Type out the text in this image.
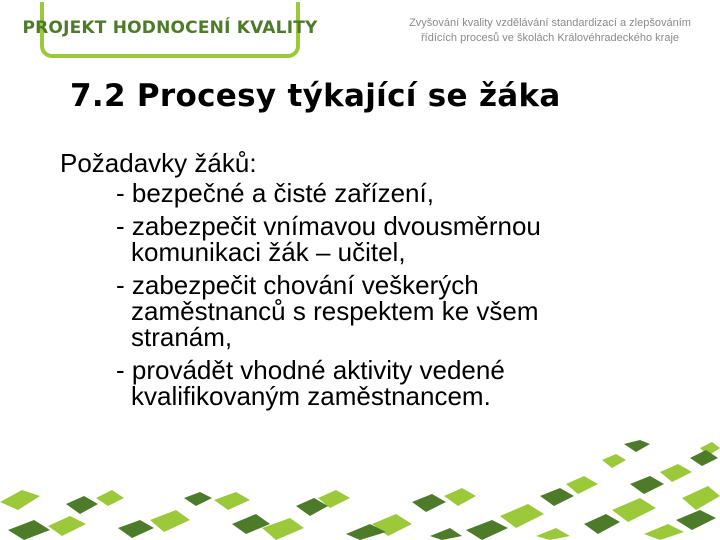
PROJEKT HODNOCENÍ KVALITY	Zvyšování kvality vzdělávání standardizací a zlepšováním
řídících procesů ve školách Královéhradeckého kraje
7.2 Procesy týkající se žáka
Požadavky žáků:
- bezpečné a čisté zařízení,
- zabezpečit vnímavou dvousměrnou
komunikaci žák – učitel,
- zabezpečit chování veškerých
zaměstnanců s respektem ke všem
stranám,
- provádět vhodné aktivity vedené
kvalifikovaným zaměstnancem.
